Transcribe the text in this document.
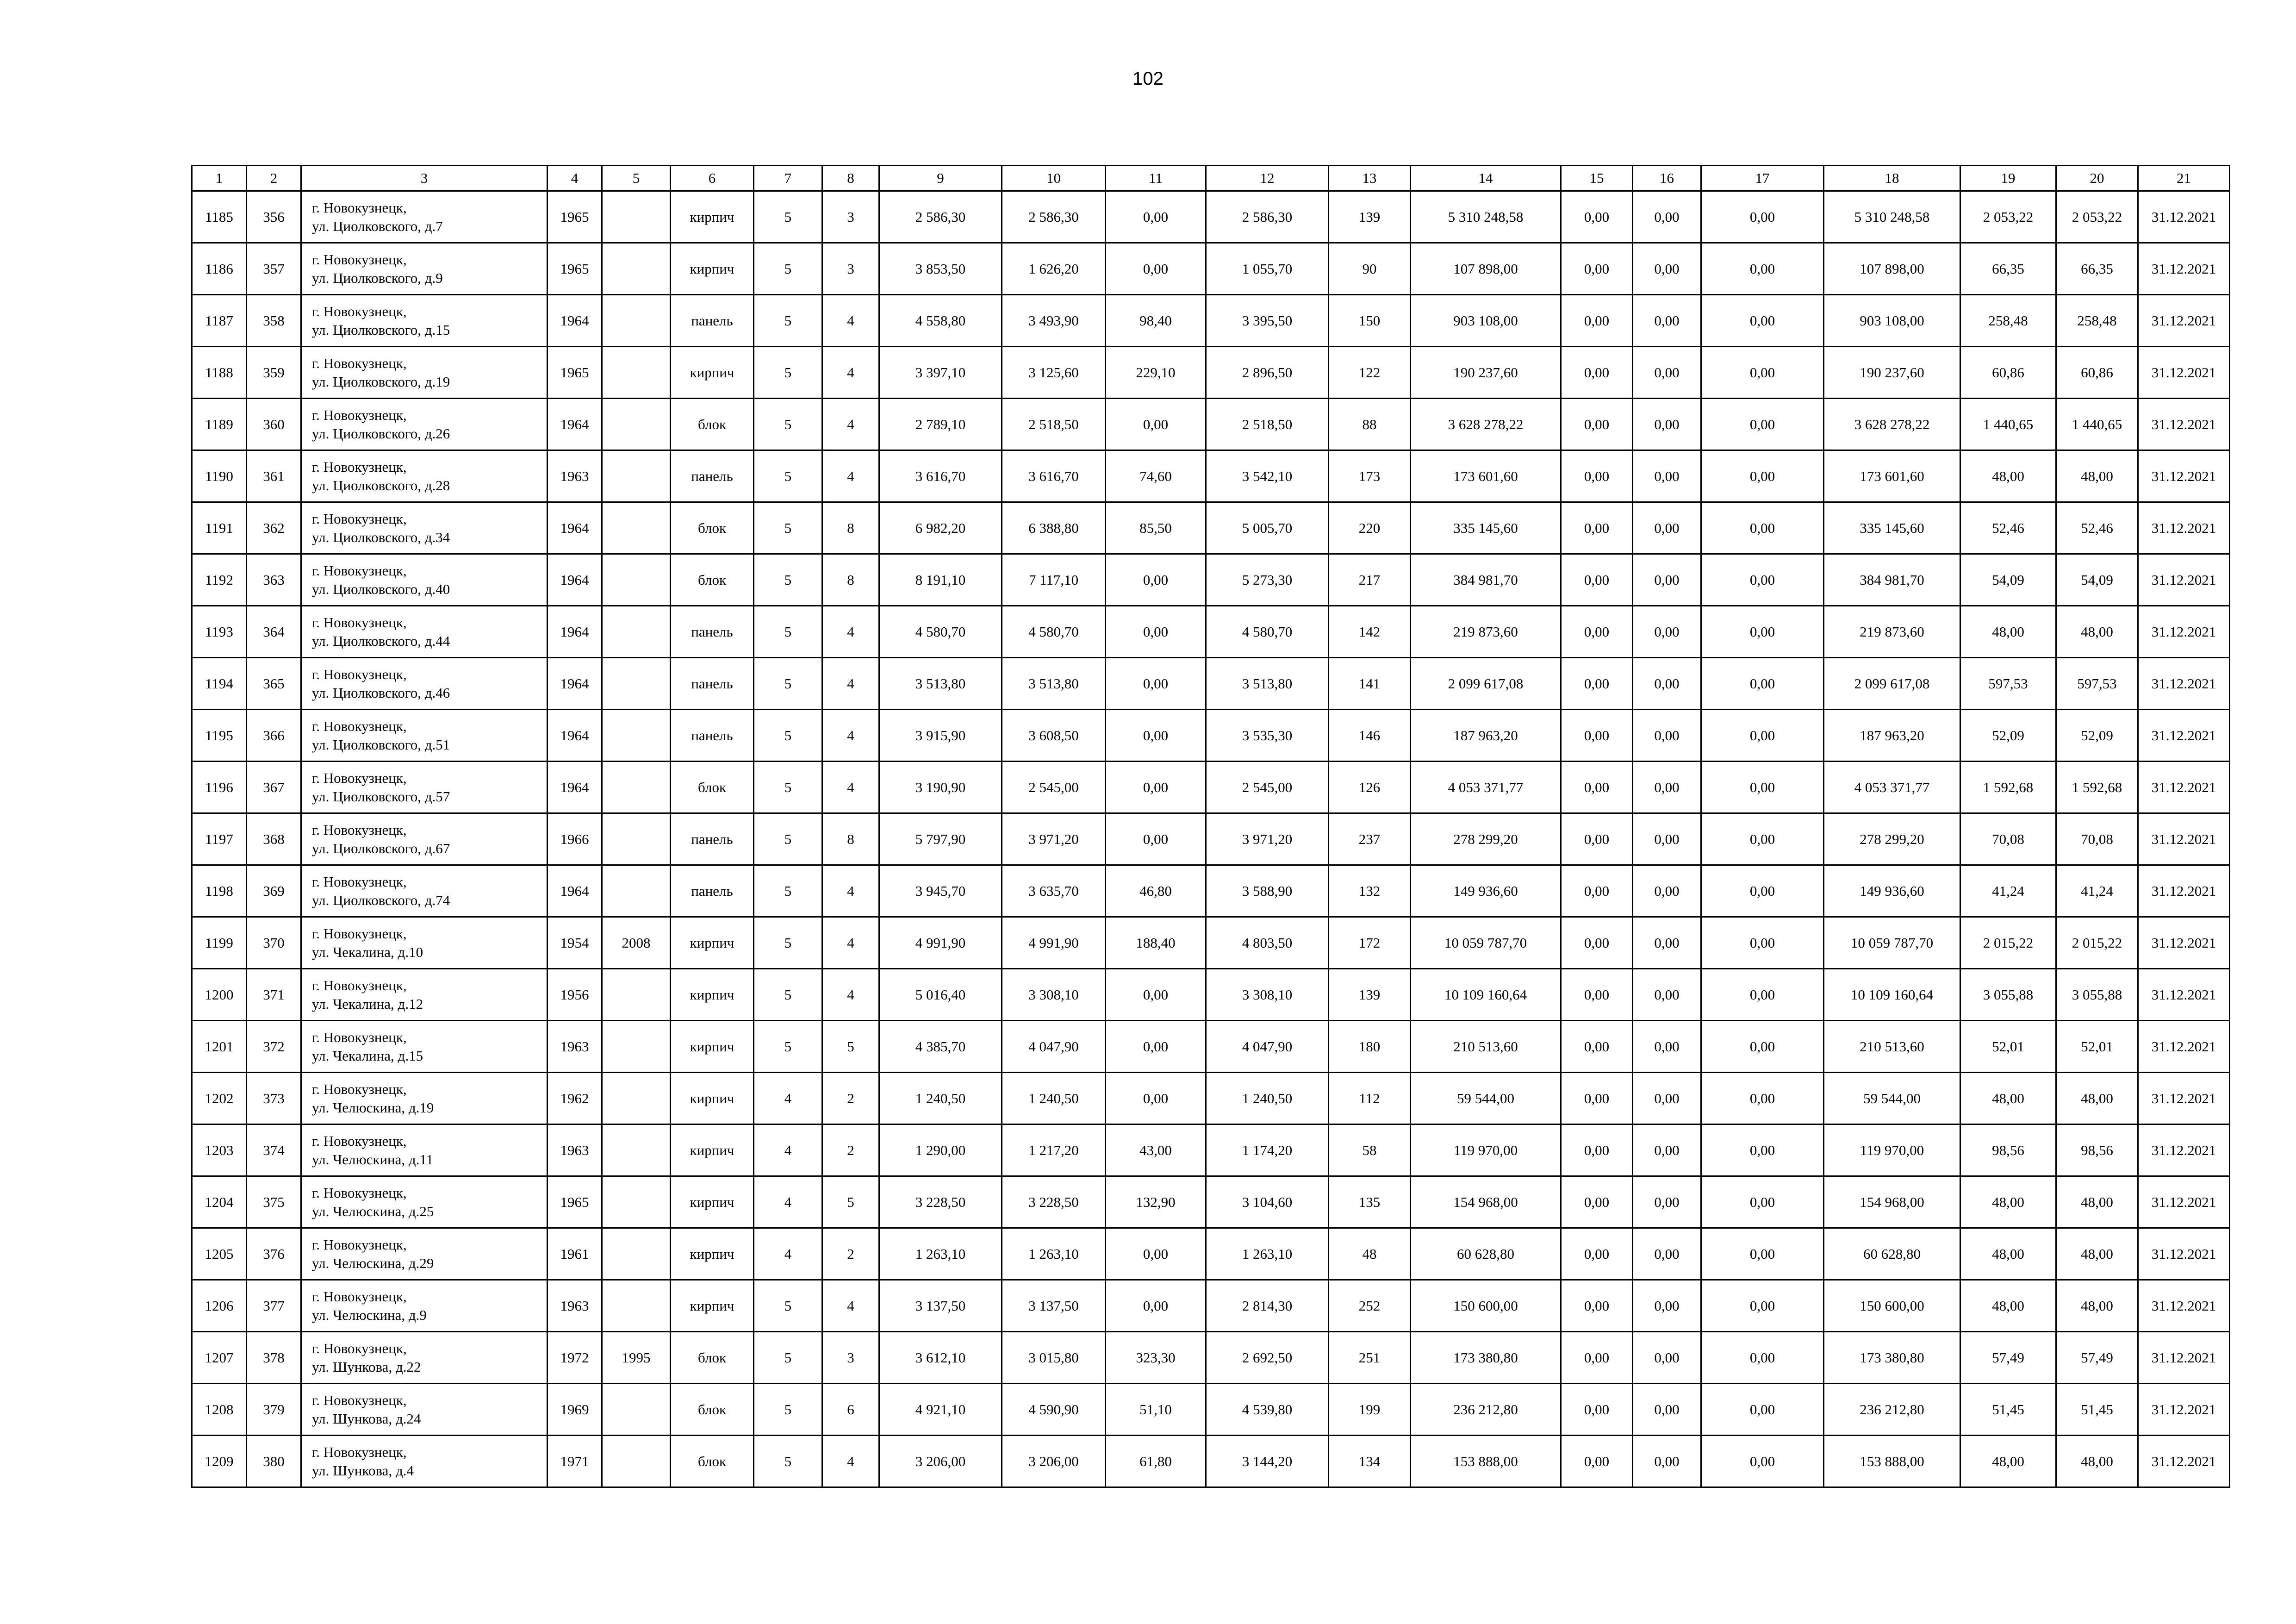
102
1	2	3	4	5	6	7	8	9	10	11	12	13	14	15	16	17	18	19	20	21
1185	356	г. Новокузнецк,
ул. Циолковского, д.7	1965		кирпич	5	3	2 586,30	2 586,30	0,00	2 586,30	139	5 310 248,58	0,00	0,00	0,00	5 310 248,58	2 053,22	2 053,22	31.12.2021
1186	357	г. Новокузнецк,
ул. Циолковского, д.9	1965		кирпич	5	3	3 853,50	1 626,20	0,00	1 055,70	90	107 898,00	0,00	0,00	0,00	107 898,00	66,35	66,35	31.12.2021
1187	358	г. Новокузнецк,
ул. Циолковского, д.15	1964		панель	5	4	4 558,80	3 493,90	98,40	3 395,50	150	903 108,00	0,00	0,00	0,00	903 108,00	258,48	258,48	31.12.2021
1188	359	г. Новокузнецк,
ул. Циолковского, д.19	1965		кирпич	5	4	3 397,10	3 125,60	229,10	2 896,50	122	190 237,60	0,00	0,00	0,00	190 237,60	60,86	60,86	31.12.2021
1189	360	г. Новокузнецк,
ул. Циолковского, д.26	1964		блок	5	4	2 789,10	2 518,50	0,00	2 518,50	88	3 628 278,22	0,00	0,00	0,00	3 628 278,22	1 440,65	1 440,65	31.12.2021
1190	361	г. Новокузнецк,
ул. Циолковского, д.28	1963		панель	5	4	3 616,70	3 616,70	74,60	3 542,10	173	173 601,60	0,00	0,00	0,00	173 601,60	48,00	48,00	31.12.2021
1191	362	г. Новокузнецк,
ул. Циолковского, д.34	1964		блок	5	8	6 982,20	6 388,80	85,50	5 005,70	220	335 145,60	0,00	0,00	0,00	335 145,60	52,46	52,46	31.12.2021
1192	363	г. Новокузнецк,
ул. Циолковского, д.40	1964		блок	5	8	8 191,10	7 117,10	0,00	5 273,30	217	384 981,70	0,00	0,00	0,00	384 981,70	54,09	54,09	31.12.2021
1193	364	г. Новокузнецк,
ул. Циолковского, д.44	1964		панель	5	4	4 580,70	4 580,70	0,00	4 580,70	142	219 873,60	0,00	0,00	0,00	219 873,60	48,00	48,00	31.12.2021
1194	365	г. Новокузнецк,
ул. Циолковского, д.46	1964		панель	5	4	3 513,80	3 513,80	0,00	3 513,80	141	2 099 617,08	0,00	0,00	0,00	2 099 617,08	597,53	597,53	31.12.2021
1195	366	г. Новокузнецк,
ул. Циолковского, д.51	1964		панель	5	4	3 915,90	3 608,50	0,00	3 535,30	146	187 963,20	0,00	0,00	0,00	187 963,20	52,09	52,09	31.12.2021
1196	367	г. Новокузнецк,
ул. Циолковского, д.57	1964		блок	5	4	3 190,90	2 545,00	0,00	2 545,00	126	4 053 371,77	0,00	0,00	0,00	4 053 371,77	1 592,68	1 592,68	31.12.2021
1197	368	г. Новокузнецк,
ул. Циолковского, д.67	1966		панель	5	8	5 797,90	3 971,20	0,00	3 971,20	237	278 299,20	0,00	0,00	0,00	278 299,20	70,08	70,08	31.12.2021
1198	369	г. Новокузнецк,
ул. Циолковского, д.74	1964		панель	5	4	3 945,70	3 635,70	46,80	3 588,90	132	149 936,60	0,00	0,00	0,00	149 936,60	41,24	41,24	31.12.2021
1199	370	г. Новокузнецк,
ул. Чекалина, д.10	1954	2008	кирпич	5	4	4 991,90	4 991,90	188,40	4 803,50	172	10 059 787,70	0,00	0,00	0,00	10 059 787,70	2 015,22	2 015,22	31.12.2021
1200	371	г. Новокузнецк,
ул. Чекалина, д.12	1956		кирпич	5	4	5 016,40	3 308,10	0,00	3 308,10	139	10 109 160,64	0,00	0,00	0,00	10 109 160,64	3 055,88	3 055,88	31.12.2021
1201	372	г. Новокузнецк,
ул. Чекалина, д.15	1963		кирпич	5	5	4 385,70	4 047,90	0,00	4 047,90	180	210 513,60	0,00	0,00	0,00	210 513,60	52,01	52,01	31.12.2021
1202	373	г. Новокузнецк,
ул. Челюскина, д.19	1962		кирпич	4	2	1 240,50	1 240,50	0,00	1 240,50	112	59 544,00	0,00	0,00	0,00	59 544,00	48,00	48,00	31.12.2021
1203	374	г. Новокузнецк,
ул. Челюскина, д.11	1963		кирпич	4	2	1 290,00	1 217,20	43,00	1 174,20	58	119 970,00	0,00	0,00	0,00	119 970,00	98,56	98,56	31.12.2021
1204	375	г. Новокузнецк,
ул. Челюскина, д.25	1965		кирпич	4	5	3 228,50	3 228,50	132,90	3 104,60	135	154 968,00	0,00	0,00	0,00	154 968,00	48,00	48,00	31.12.2021
1205	376	г. Новокузнецк,
ул. Челюскина, д.29	1961		кирпич	4	2	1 263,10	1 263,10	0,00	1 263,10	48	60 628,80	0,00	0,00	0,00	60 628,80	48,00	48,00	31.12.2021
1206	377	г. Новокузнецк,
ул. Челюскина, д.9	1963		кирпич	5	4	3 137,50	3 137,50	0,00	2 814,30	252	150 600,00	0,00	0,00	0,00	150 600,00	48,00	48,00	31.12.2021
1207	378	г. Новокузнецк,
ул. Шункова, д.22	1972	1995	блок	5	3	3 612,10	3 015,80	323,30	2 692,50	251	173 380,80	0,00	0,00	0,00	173 380,80	57,49	57,49	31.12.2021
1208	379	г. Новокузнецк,
ул. Шункова, д.24	1969		блок	5	6	4 921,10	4 590,90	51,10	4 539,80	199	236 212,80	0,00	0,00	0,00	236 212,80	51,45	51,45	31.12.2021
1209	380	г. Новокузнецк,
ул. Шункова, д.4	1971		блок	5	4	3 206,00	3 206,00	61,80	3 144,20	134	153 888,00	0,00	0,00	0,00	153 888,00	48,00	48,00	31.12.2021
